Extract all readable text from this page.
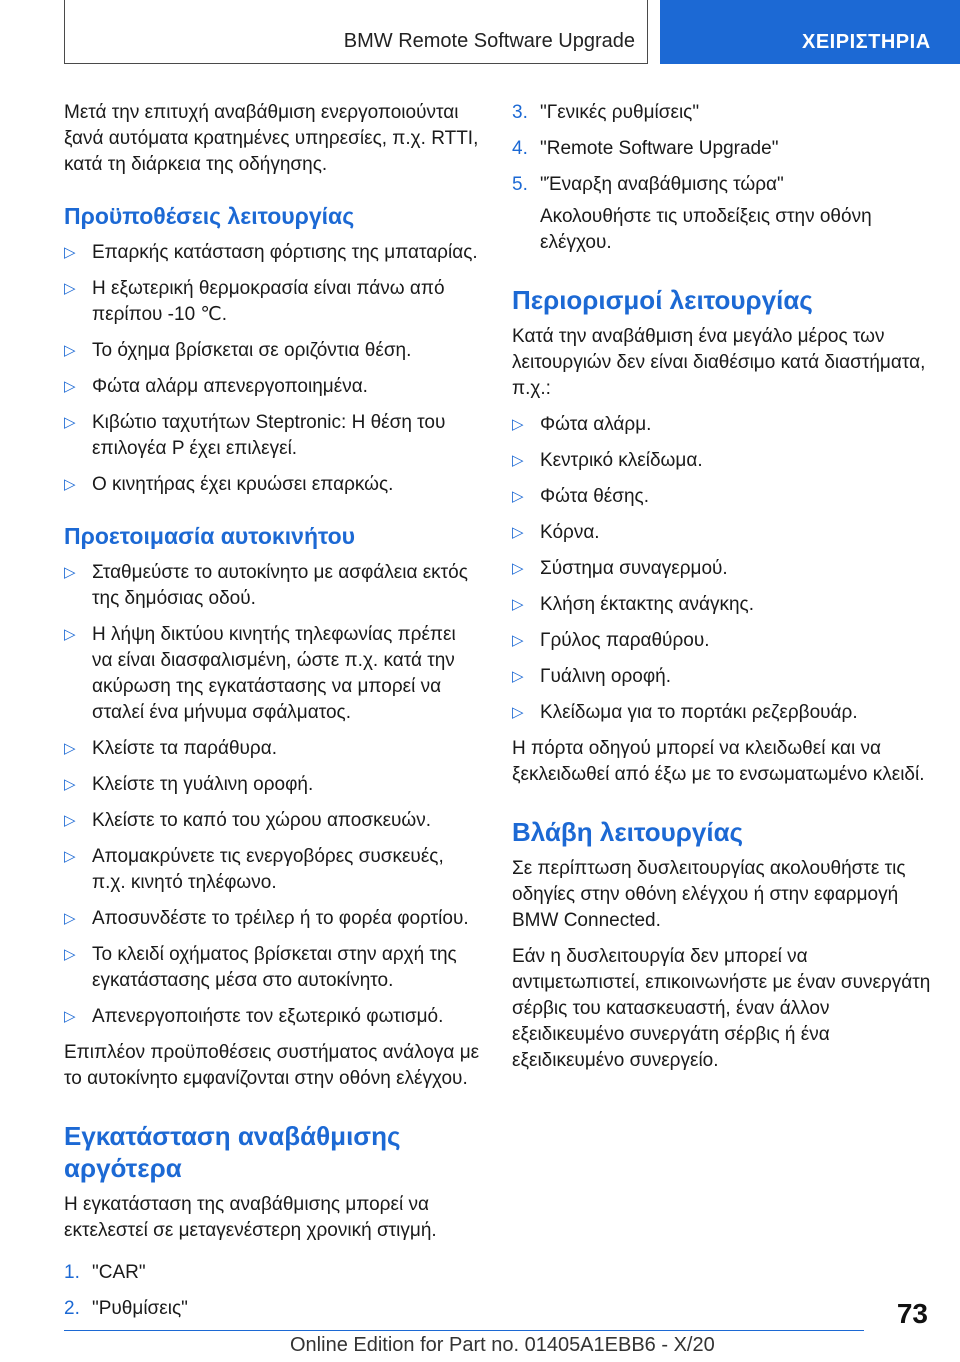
BMW Remote Software Upgrade	ΧΕΙΡΙΣΤΗΡΙΑ

Μετά την επιτυχή αναβάθμιση ενεργοποιούνται ξανά αυτόματα κρατημένες υπηρεσίες, π.χ. RTTI, κατά τη διάρκεια της οδήγησης.

Προϋποθέσεις λειτουργίας
▷ Επαρκής κατάσταση φόρτισης της μπαταρίας.
▷ Η εξωτερική θερμοκρασία είναι πάνω από περίπου -10 ℃.
▷ Το όχημα βρίσκεται σε οριζόντια θέση.
▷ Φώτα αλάρμ απενεργοποιημένα.
▷ Κιβώτιο ταχυτήτων Steptronic: Η θέση του επιλογέα P έχει επιλεγεί.
▷ Ο κινητήρας έχει κρυώσει επαρκώς.
Προετοιμασία αυτοκινήτου
▷ Σταθμεύστε το αυτοκίνητο με ασφάλεια εκτός της δημόσιας οδού.
▷ Η λήψη δικτύου κινητής τηλεφωνίας πρέπει να είναι διασφαλισμένη, ώστε π.χ. κατά την ακύρωση της εγκατάστασης να μπορεί να σταλεί ένα μήνυμα σφάλματος.
▷ Κλείστε τα παράθυρα.
▷ Κλείστε τη γυάλινη οροφή.
▷ Κλείστε το καπό του χώρου αποσκευών.
▷ Απομακρύνετε τις ενεργοβόρες συσκευές, π.χ. κινητό τηλέφωνο.
▷ Αποσυνδέστε το τρέιλερ ή το φορέα φορτίου.
▷ Το κλειδί οχήματος βρίσκεται στην αρχή της εγκατάστασης μέσα στο αυτοκίνητο.
▷ Απενεργοποιήστε τον εξωτερικό φωτισμό.

Επιπλέον προϋποθέσεις συστήματος ανάλογα με το αυτοκίνητο εμφανίζονται στην οθόνη ελέγχου.

Εγκατάσταση αναβάθμισης αργότερα

Η εγκατάσταση της αναβάθμισης μπορεί να εκτελεστεί σε μεταγενέστερη χρονική στιγμή.

1. "CAR"
2. "Ρυθμίσεις"
3. "Γενικές ρυθμίσεις"
4. "Remote Software Upgrade"
5. "Έναρξη αναβάθμισης τώρα"
Ακολουθήστε τις υποδείξεις στην οθόνη ελέγχου.
Περιορισμοί λειτουργίας

Κατά την αναβάθμιση ένα μεγάλο μέρος των λειτουργιών δεν είναι διαθέσιμο κατά διαστήματα, π.χ.:

▷ Φώτα αλάρμ.
▷ Κεντρικό κλείδωμα.
▷ Φώτα θέσης.
▷ Κόρνα.
▷ Σύστημα συναγερμού.
▷ Κλήση έκτακτης ανάγκης.
▷ Γρύλος παραθύρου.
▷ Γυάλινη οροφή.
▷ Κλείδωμα για το πορτάκι ρεζερβουάρ.

Η πόρτα οδηγού μπορεί να κλειδωθεί και να ξεκλειδωθεί από έξω με το ενσωματωμένο κλειδί.

Βλάβη λειτουργίας

Σε περίπτωση δυσλειτουργίας ακολουθήστε τις οδηγίες στην οθόνη ελέγχου ή στην εφαρμογή BMW Connected.

Εάν η δυσλειτουργία δεν μπορεί να αντιμετωπιστεί, επικοινωνήστε με έναν συνεργάτη σέρβις του κατασκευαστή, έναν άλλον εξειδικευμένο συνεργάτη σέρβις ή ένα εξειδικευμένο συνεργείο.

73
Online Edition for Part no. 01405A1EBB6 - X/20
